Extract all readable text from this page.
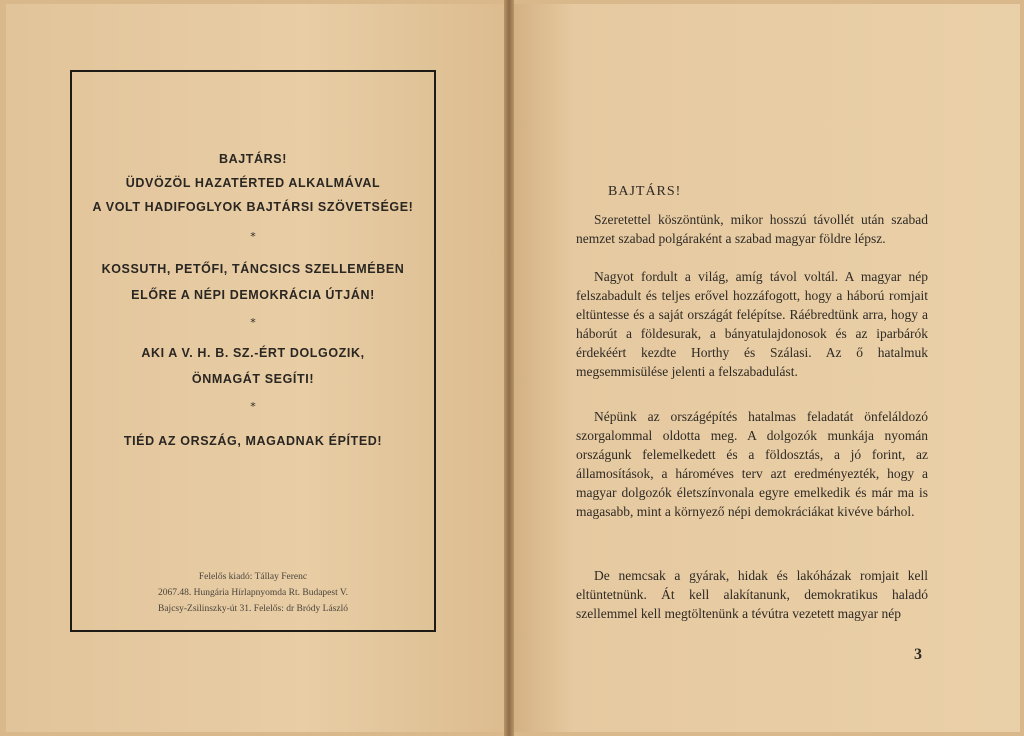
BAJTÁRS!
ÜDVÖZÖL HAZATÉRTED ALKALMÁVAL
A VOLT HADIFOGLYOK BAJTÁRSI SZÖVETSÉGE!
*
KOSSUTH, PETŐFI, TÁNCSICS SZELLEMÉBEN
ELŐRE A NÉPI DEMOKRÁCIA ÚTJÁN!
*
AKI A V. H. B. SZ.-ÉRT DOLGOZIK,
ÖNMAGÁT SEGÍTI!
*
TIÉD AZ ORSZÁG, MAGADNAK ÉPÍTED!
Felelős kiadó: Tállay Ferenc
2067.48. Hungária Hírlapnyomda Rt. Budapest V.
Bajcsy-Zsilinszky-út 31. Felelős: dr Bródy László
BAJTÁRS!
Szeretettel köszöntünk, mikor hosszú távollét után szabad nemzet szabad polgáraként a szabad magyar földre lépsz.
Nagyot fordult a világ, amíg távol voltál. A magyar nép felszabadult és teljes erővel hozzáfogott, hogy a háború romjait eltüntesse és a saját országát felépítse. Ráébredtünk arra, hogy a háborút a földesurak, a bányatulajdonosok és az iparbárók érdekéért kezdte Horthy és Szálasi. Az ő hatalmuk megsemmisülése jelenti a felszabadulást.
Népünk az országépítés hatalmas feladatát önfeláldozó szorgalommal oldotta meg. A dolgozók munkája nyomán országunk felemelkedett és a földosztás, a jó forint, az államosítások, a hároméves terv azt eredményezték, hogy a magyar dolgozók életszínvonala egyre emelkedik és már ma is magasabb, mint a környező népi demokráciákat kivéve bárhol.
De nemcsak a gyárak, hidak és lakóházak romjait kell eltüntetnünk. Át kell alakítanunk, demokratikus haladó szellemmel kell megtöltenünk a tévútra vezetett magyar nép
3
